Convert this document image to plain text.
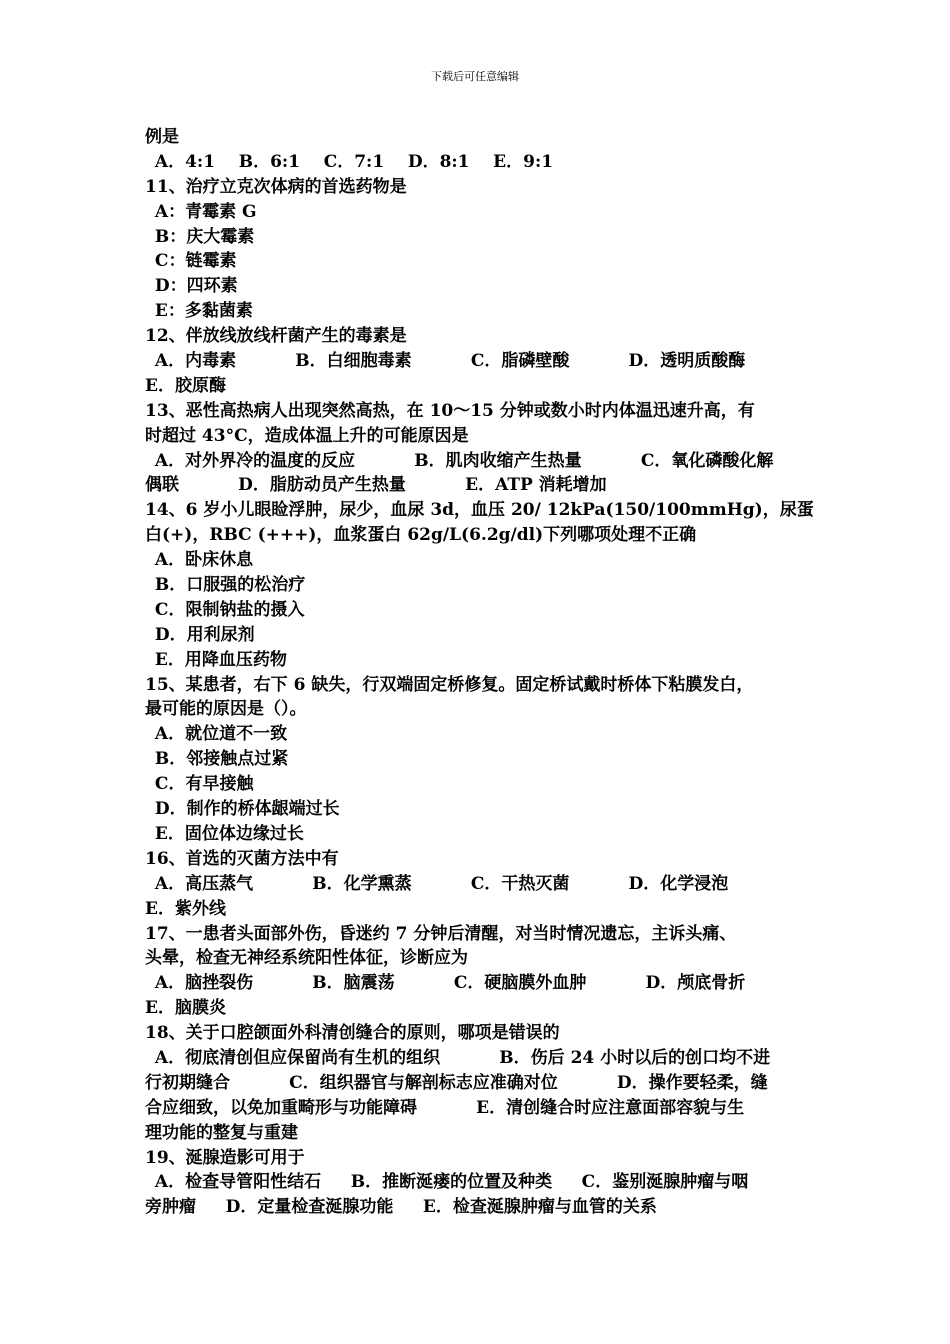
下载后可任意编辑
例是
A．4:1    B．6:1    C．7:1    D．8:1    E．9:1
11、治疗立克次体病的首选药物是
A：青霉素 G
B：庆大霉素
C：链霉素
D：四环素
E：多黏菌素
12、伴放线放线杆菌产生的毒素是
A．内毒素          B．白细胞毒素          C．脂磷壁酸          D．透明质酸酶
E．胶原酶
13、恶性高热病人出现突然高热，在 10～15 分钟或数小时内体温迅速升高，有
时超过 43°C，造成体温上升的可能原因是
A．对外界冷的温度的反应          B．肌肉收缩产生热量          C．氧化磷酸化解
偶联          D．脂肪动员产生热量          E．ATP 消耗增加
14、6 岁小儿眼睑浮肿，尿少，血尿 3d，血压 20/ 12kPa(150/100mmHg)，尿蛋
白(+)，RBC (+++)，血浆蛋白 62g/L(6.2g/dl)下列哪项处理不正确
A．卧床休息
B．口服强的松治疗
C．限制钠盐的摄入
D．用利尿剂
E．用降血压药物
15、某患者，右下 6 缺失，行双端固定桥修复。固定桥试戴时桥体下粘膜发白，
最可能的原因是（）。
A．就位道不一致
B．邻接触点过紧
C．有早接触
D．制作的桥体龈端过长
E．固位体边缘过长
16、首选的灭菌方法中有
A．高压蒸气          B．化学熏蒸          C．干热灭菌          D．化学浸泡
E．紫外线
17、一患者头面部外伤，昏迷约 7 分钟后清醒，对当时情况遗忘，主诉头痛、
头晕，检查无神经系统阳性体征，诊断应为
A．脑挫裂伤          B．脑震荡          C．硬脑膜外血肿          D．颅底骨折
E．脑膜炎
18、关于口腔颌面外科清创缝合的原则，哪项是错误的
A．彻底清创但应保留尚有生机的组织          B．伤后 24 小时以后的创口均不进
行初期缝合          C．组织器官与解剖标志应准确对位          D．操作要轻柔，缝
合应细致，以免加重畸形与功能障碍          E．清创缝合时应注意面部容貌与生
理功能的整复与重建
19、涎腺造影可用于
A．检查导管阳性结石     B．推断涎瘘的位置及种类     C．鉴别涎腺肿瘤与咽
旁肿瘤     D．定量检查涎腺功能     E．检查涎腺肿瘤与血管的关系
